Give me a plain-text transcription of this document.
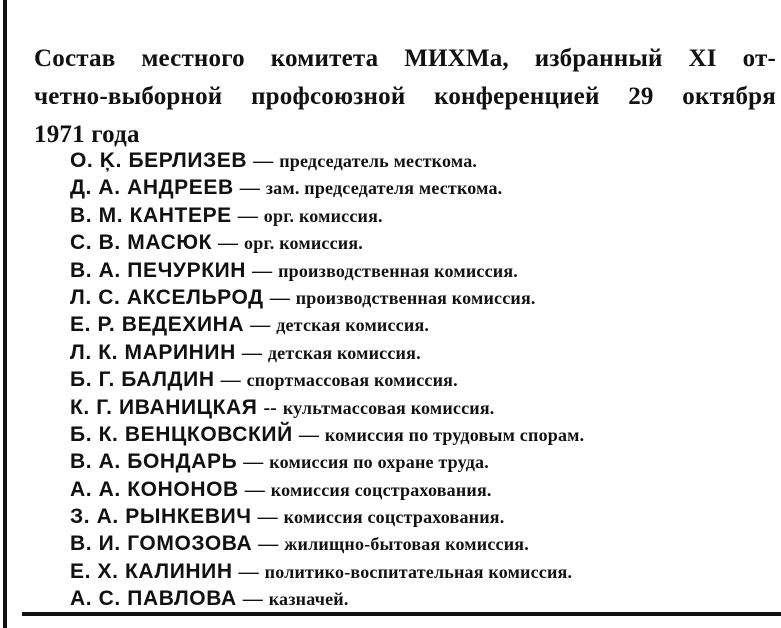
Состав местного комитета МИХМа, избранный XI от-
четно-выборной профсоюзной конференцией 29 октября
1971 года
О. Ķ. БЕРЛИЗЕВ — председатель месткома.
Д. А. АНДРЕЕВ — зам. председателя месткома.
В. М. КАНТЕРЕ — орг. комиссия.
С. В. МАСЮК — орг. комиссия.
В. А. ПЕЧУРКИН — производственная комиссия.
Л. С. АКСЕЛЬРОД — производственная комиссия.
Е. Р. ВЕДЕХИНА — детская комиссия.
Л. К. МАРИНИН — детская комиссия.
Б. Г. БАЛДИН — спортмассовая комиссия.
К. Г. ИВАНИЦКАЯ -- культмассовая комиссия.
Б. К. ВЕНЦКОВСКИЙ — комиссия по трудовым спорам.
В. А. БОНДАРЬ — комиссия по охране труда.
А. А. КОНОНОВ — комиссия соцстрахования.
З. А. РЫНКЕВИЧ — комиссия соцстрахования.
В. И. ГОМОЗОВА — жилищно-бытовая комиссия.
Е. Х. КАЛИНИН — политико-воспитательная комиссия.
А. С. ПАВЛОВА — казначей.
